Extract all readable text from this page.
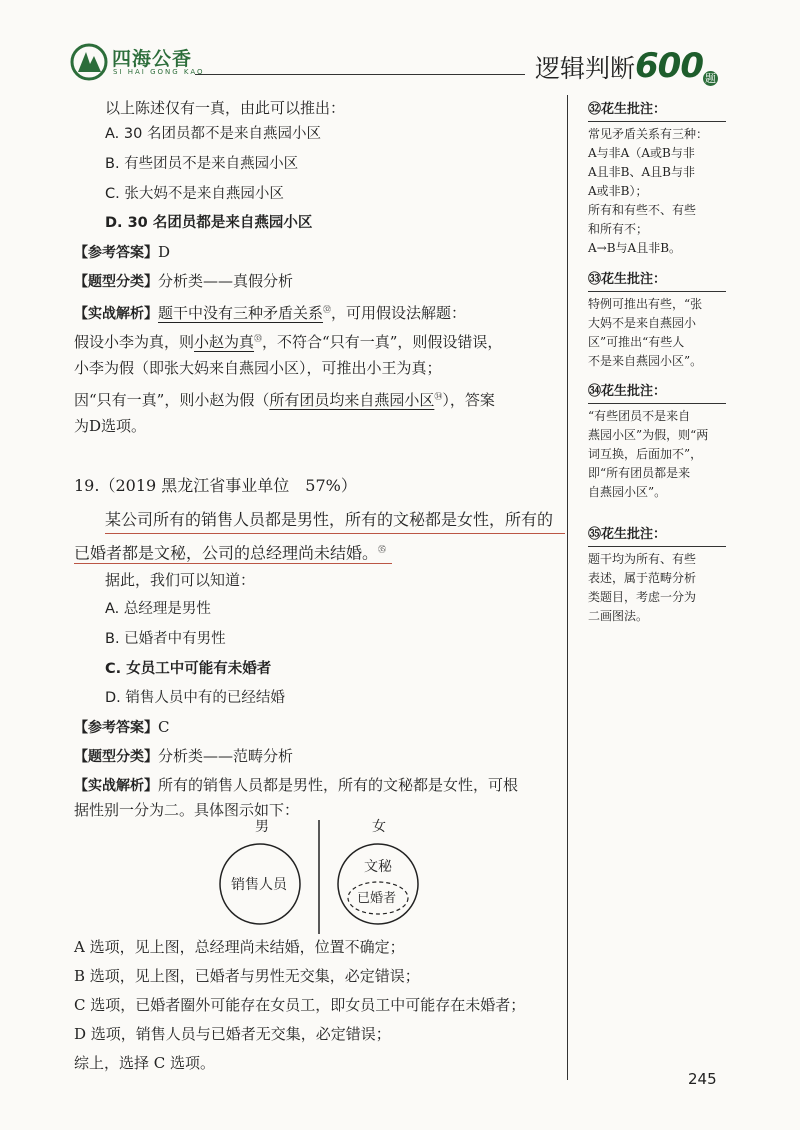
四海公香
SI HAI GONG KAO	逻辑判断600 题
以上陈述仅有一真，由此可以推出：
A. 30 名团员都不是来自燕园小区
B. 有些团员不是来自燕园小区
C. 张大妈不是来自燕园小区
D. 30 名团员都是来自燕园小区
【参考答案】D
【题型分类】分析类——真假分析
【实战解析】题干中没有三种矛盾关系$^㉜$，可用假设法解题：
假设小李为真，则小赵为真$^㉝$，不符合“只有一真”，则假设错误，
小李为假（即张大妈来自燕园小区），可推出小王为真；
因“只有一真”，则小赵为假（所有团员均来自燕园小区$^㉞$），答案
为D选项。
19.（2019 黑龙江省事业单位　57%）
某公司所有的销售人员都是男性，所有的文秘都是女性，所有的
已婚者都是文秘，公司的总经理尚未结婚。$^㉟$
据此，我们可以知道：
A. 总经理是男性
B. 已婚者中有男性
C. 女员工中可能有未婚者
D. 销售人员中有的已经结婚
【参考答案】C
【题型分类】分析类——范畴分析
【实战解析】所有的销售人员都是男性，所有的文秘都是女性，可根
据性别一分为二。具体图示如下：
男	女
销售人员
文秘
已婚者
A 选项，见上图，总经理尚未结婚，位置不确定；
B 选项，见上图，已婚者与男性无交集，必定错误；
C 选项，已婚者圈外可能存在女员工，即女员工中可能存在未婚者；
D 选项，销售人员与已婚者无交集，必定错误；
综上，选择 C 选项。
㉜花生批注：
常见矛盾关系有三种：
A与非A（A或B与非
A且非B、A且B与非
A或非B）；
所有和有些不、有些
和所有不；
A→B与A且非B。
㉝花生批注：
特例可推出有些，“张
大妈不是来自燕园小
区”可推出“有些人
不是来自燕园小区”。
㉞花生批注：
“有些团员不是来自
燕园小区”为假，则“两
词互换，后面加不”，
即“所有团员都是来
自燕园小区”。
㉟花生批注：
题干均为所有、有些
表述，属于范畴分析
类题目，考虑一分为
二画图法。
245
